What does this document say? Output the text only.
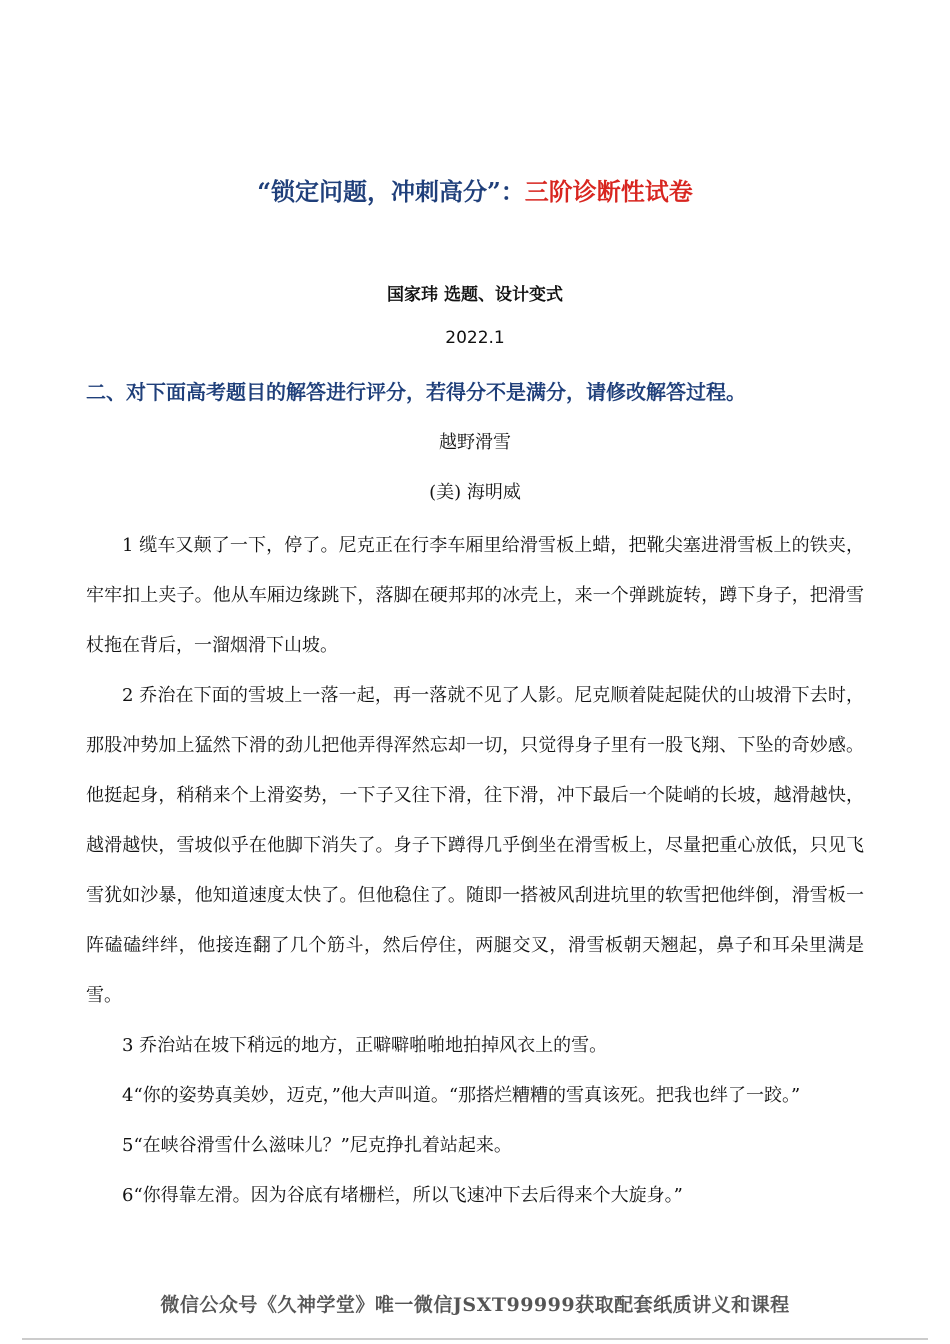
“锁定问题，冲刺高分”：三阶诊断性试卷
国家玮 选题、设计变式
2022.1
二、对下面高考题目的解答进行评分，若得分不是满分，请修改解答过程。
越野滑雪
(美) 海明威

1 缆车又颠了一下，停了。尼克正在行李车厢里给滑雪板上蜡，把靴尖塞进滑雪板上的铁夹，牢牢扣上夹子。他从车厢边缘跳下，落脚在硬邦邦的冰壳上，来一个弹跳旋转，蹲下身子，把滑雪杖拖在背后，一溜烟滑下山坡。

2 乔治在下面的雪坡上一落一起，再一落就不见了人影。尼克顺着陡起陡伏的山坡滑下去时，那股冲势加上猛然下滑的劲儿把他弄得浑然忘却一切，只觉得身子里有一股飞翔、下坠的奇妙感。他挺起身，稍稍来个上滑姿势，一下子又往下滑，往下滑，冲下最后一个陡峭的长坡，越滑越快，越滑越快，雪坡似乎在他脚下消失了。身子下蹲得几乎倒坐在滑雪板上，尽量把重心放低，只见飞雪犹如沙暴，他知道速度太快了。但他稳住了。随即一搭被风刮进坑里的软雪把他绊倒，滑雪板一阵磕磕绊绊，他接连翻了几个筋斗，然后停住，两腿交叉，滑雪板朝天翘起，鼻子和耳朵里满是雪。

3 乔治站在坡下稍远的地方，正噼噼啪啪地拍掉风衣上的雪。

4“你的姿势真美妙，迈克，”他大声叫道。“那搭烂糟糟的雪真该死。把我也绊了一跤。”

5“在峡谷滑雪什么滋味儿？”尼克挣扎着站起来。

6“你得靠左滑。因为谷底有堵栅栏，所以飞速冲下去后得来个大旋身。”

微信公众号《久神学堂》唯一微信JSXT99999获取配套纸质讲义和课程
